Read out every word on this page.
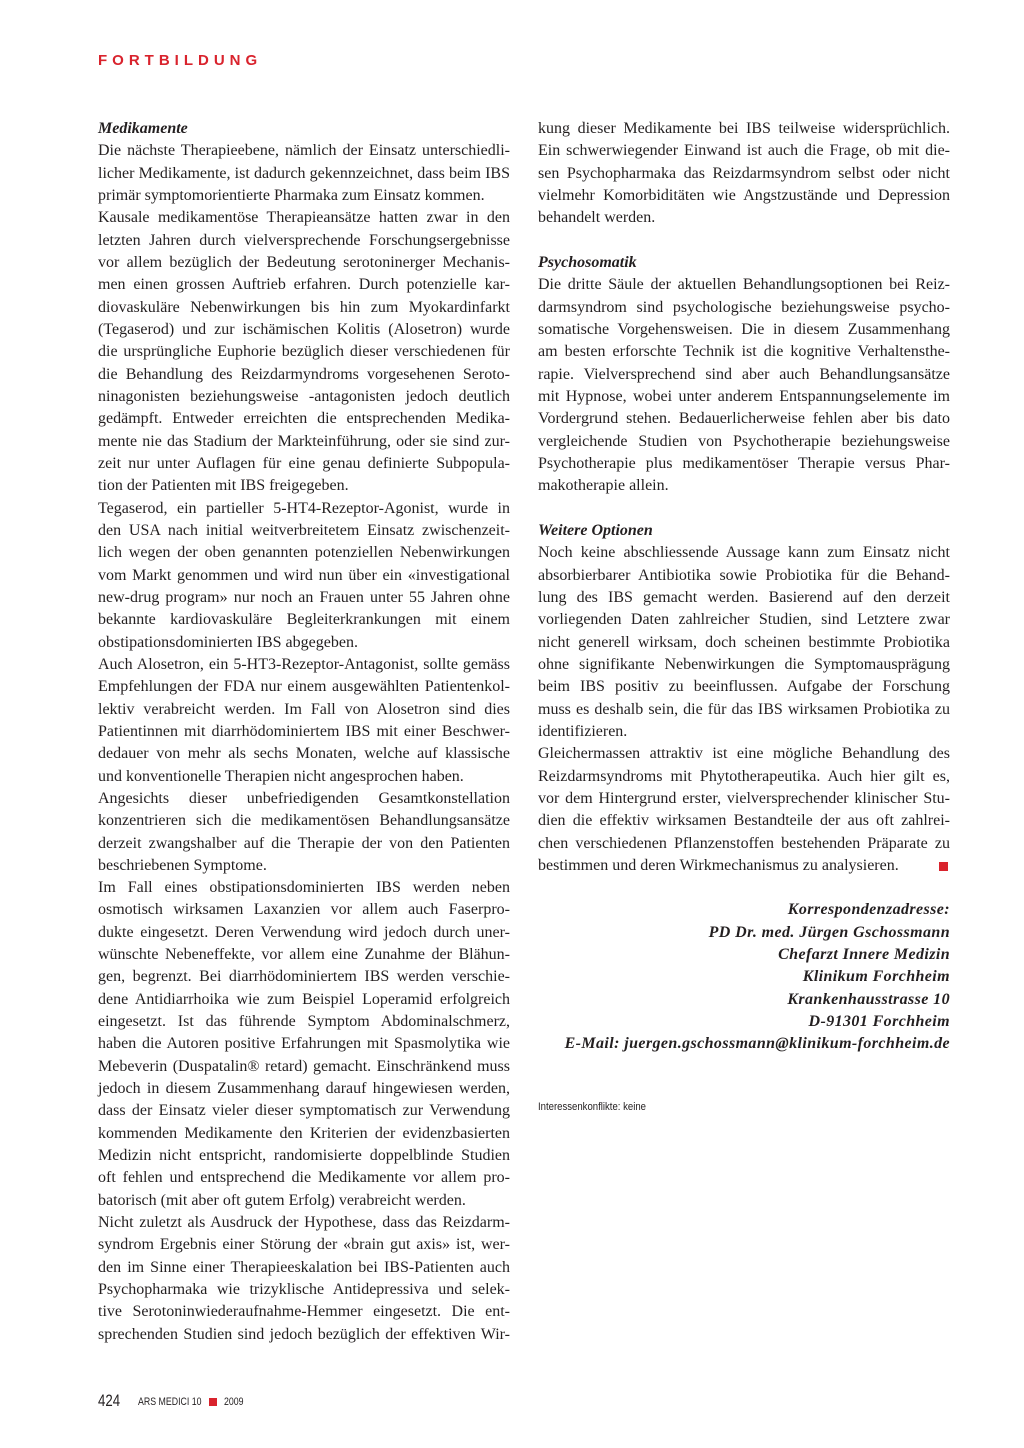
FORTBILDUNG
Medikamente
Die nächste Therapieebene, nämlich der Einsatz unterschiedli-
licher Medikamente, ist dadurch gekennzeichnet, dass beim IBS
primär symptomorientierte Pharmaka zum Einsatz kommen.
Kausale medikamentöse Therapieansätze hatten zwar in den
letzten Jahren durch vielversprechende Forschungsergebnisse
vor allem bezüglich der Bedeutung serotoninerger Mechanis-
men einen grossen Auftrieb erfahren. Durch potenzielle kar-
diovaskuläre Nebenwirkungen bis hin zum Myokardinfarkt
(Tegaserod) und zur ischämischen Kolitis (Alosetron) wurde
die ursprüngliche Euphorie bezüglich dieser verschiedenen für
die Behandlung des Reizdarmyndroms vorgesehenen Seroto-
ninagonisten beziehungsweise -antagonisten jedoch deutlich
gedämpft. Entweder erreichten die entsprechenden Medika-
mente nie das Stadium der Markteinführung, oder sie sind zur-
zeit nur unter Auflagen für eine genau definierte Subpopula-
tion der Patienten mit IBS freigegeben.
Tegaserod, ein partieller 5-HT4-Rezeptor-Agonist, wurde in
den USA nach initial weitverbreitetem Einsatz zwischenzeit-
lich wegen der oben genannten potenziellen Nebenwirkungen
vom Markt genommen und wird nun über ein «investigational
new-drug program» nur noch an Frauen unter 55 Jahren ohne
bekannte kardiovaskuläre Begleiterkrankungen mit einem
obstipationsdominierten IBS abgegeben.
Auch Alosetron, ein 5-HT3-Rezeptor-Antagonist, sollte gemäss
Empfehlungen der FDA nur einem ausgewählten Patientenkol-
lektiv verabreicht werden. Im Fall von Alosetron sind dies
Patientinnen mit diarrhödominiertem IBS mit einer Beschwer-
dedauer von mehr als sechs Monaten, welche auf klassische
und konventionelle Therapien nicht angesprochen haben.
Angesichts dieser unbefriedigenden Gesamtkonstellation
konzentrieren sich die medikamentösen Behandlungsansätze
derzeit zwangshalber auf die Therapie der von den Patienten
beschriebenen Symptome.
Im Fall eines obstipationsdominierten IBS werden neben
osmotisch wirksamen Laxanzien vor allem auch Faserpro-
dukte eingesetzt. Deren Verwendung wird jedoch durch uner-
wünschte Nebeneffekte, vor allem eine Zunahme der Blähun-
gen, begrenzt. Bei diarrhödominiertem IBS werden verschie-
dene Antidiarrhoika wie zum Beispiel Loperamid erfolgreich
eingesetzt. Ist das führende Symptom Abdominalschmerz,
haben die Autoren positive Erfahrungen mit Spasmolytika wie
Mebeverin (Duspatalin® retard) gemacht. Einschränkend muss
jedoch in diesem Zusammenhang darauf hingewiesen werden,
dass der Einsatz vieler dieser symptomatisch zur Verwendung
kommenden Medikamente den Kriterien der evidenzbasierten
Medizin nicht entspricht, randomisierte doppelblinde Studien
oft fehlen und entsprechend die Medikamente vor allem pro-
batorisch (mit aber oft gutem Erfolg) verabreicht werden.
Nicht zuletzt als Ausdruck der Hypothese, dass das Reizdarm-
syndrom Ergebnis einer Störung der «brain gut axis» ist, wer-
den im Sinne einer Therapieeskalation bei IBS-Patienten auch
Psychopharmaka wie trizyklische Antidepressiva und selek-
tive Serotoninwiederaufnahme-Hemmer eingesetzt. Die ent-
sprechenden Studien sind jedoch bezüglich der effektiven Wir-
kung dieser Medikamente bei IBS teilweise widersprüchlich.
Ein schwerwiegender Einwand ist auch die Frage, ob mit die-
sen Psychopharmaka das Reizdarmsyndrom selbst oder nicht
vielmehr Komorbiditäten wie Angstzustände und Depression
behandelt werden.
Psychosomatik
Die dritte Säule der aktuellen Behandlungsoptionen bei Reiz-
darmsyndrom sind psychologische beziehungsweise psycho-
somatische Vorgehensweisen. Die in diesem Zusammenhang
am besten erforschte Technik ist die kognitive Verhaltensthe-
rapie. Vielversprechend sind aber auch Behandlungsansätze
mit Hypnose, wobei unter anderem Entspannungselemente im
Vordergrund stehen. Bedauerlicherweise fehlen aber bis dato
vergleichende Studien von Psychotherapie beziehungsweise
Psychotherapie plus medikamentöser Therapie versus Phar-
makotherapie allein.
Weitere Optionen
Noch keine abschliessende Aussage kann zum Einsatz nicht
absorbierbarer Antibiotika sowie Probiotika für die Behand-
lung des IBS gemacht werden. Basierend auf den derzeit
vorliegenden Daten zahlreicher Studien, sind Letztere zwar
nicht generell wirksam, doch scheinen bestimmte Probiotika
ohne signifikante Nebenwirkungen die Symptomausprägung
beim IBS positiv zu beeinflussen. Aufgabe der Forschung
muss es deshalb sein, die für das IBS wirksamen Probiotika zu
identifizieren.
Gleichermassen attraktiv ist eine mögliche Behandlung des
Reizdarmsyndroms mit Phytotherapeutika. Auch hier gilt es,
vor dem Hintergrund erster, vielversprechender klinischer Stu-
dien die effektiv wirksamen Bestandteile der aus oft zahlrei-
chen verschiedenen Pflanzenstoffen bestehenden Präparate zu
bestimmen und deren Wirkmechanismus zu analysieren.
Korrespondenzadresse:
PD Dr. med. Jürgen Gschossmann
Chefarzt Innere Medizin
Klinikum Forchheim
Krankenhausstrasse 10
D-91301 Forchheim
E-Mail: juergen.gschossmann@klinikum-forchheim.de
Interessenkonflikte: keine
424 ARS MEDICI 10 2009
